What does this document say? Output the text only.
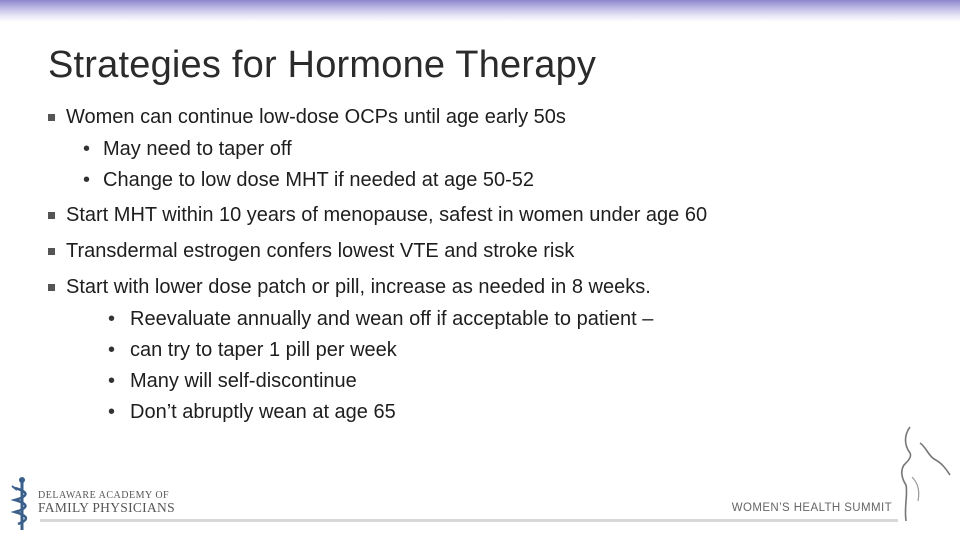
Strategies for Hormone Therapy
Women can continue low-dose OCPs until age early 50s
• May need to taper off
• Change to low dose MHT if needed at age 50-52
Start MHT within 10 years of menopause, safest in women under age 60
Transdermal estrogen confers lowest VTE and stroke risk
Start with lower dose patch or pill, increase as needed in 8 weeks.
• Reevaluate annually and wean off if acceptable to patient –
• can try to taper 1 pill per week
• Many will self-discontinue
• Don’t abruptly wean at age 65
DELAWARE ACADEMY OF
FAMILY PHYSICIANS	WOMEN’S HEALTH SUMMIT
